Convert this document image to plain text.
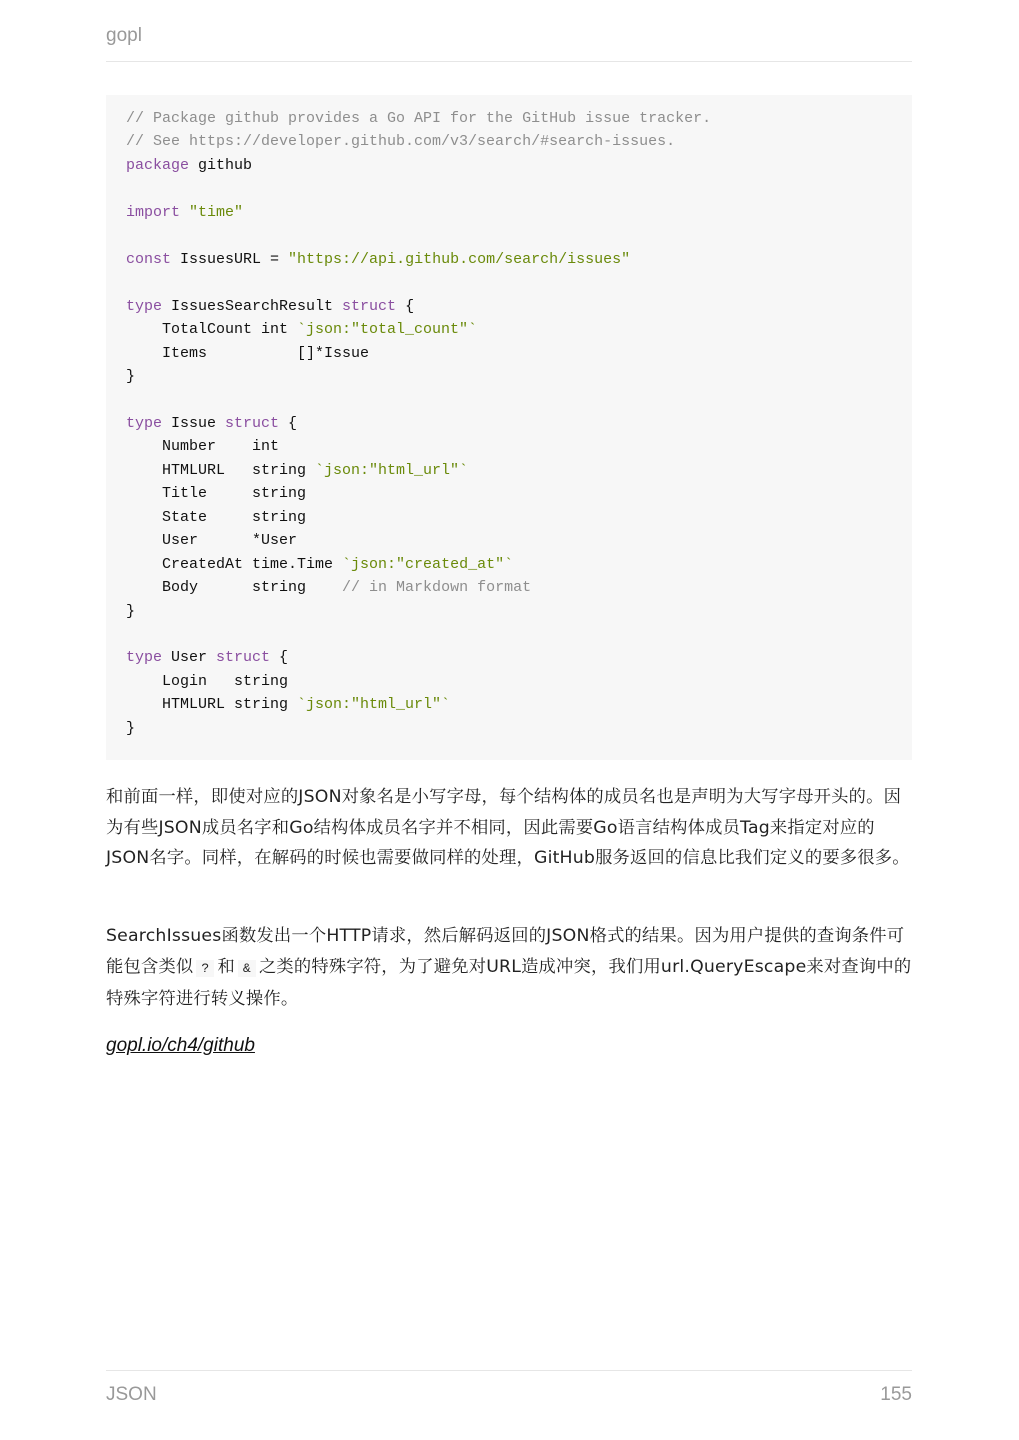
gopl
// Package github provides a Go API for the GitHub issue tracker.
// See https://developer.github.com/v3/search/#search-issues.
package github

import "time"

const IssuesURL = "https://api.github.com/search/issues"

type IssuesSearchResult struct {
TotalCount int `json:"total_count"`
Items          []*Issue
}

type Issue struct {
Number    int
HTMLURL   string `json:"html_url"`
Title     string
State     string
User      *User
CreatedAt time.Time `json:"created_at"`
Body      string    // in Markdown format
}

type User struct {
Login   string
HTMLURL string `json:"html_url"`
}

和前面一样，即使对应的JSON对象名是小写字母，每个结构体的成员名也是声明为大写字母开头的。因为有些JSON成员名字和Go结构体成员名字并不相同，因此需要Go语言结构体成员Tag来指定对应的JSON名字。同样，在解码的时候也需要做同样的处理，GitHub服务返回的信息比我们定义的要多很多。

SearchIssues函数发出一个HTTP请求，然后解码返回的JSON格式的结果。因为用户提供的查询条件可能包含类似 ? 和 & 之类的特殊字符，为了避免对URL造成冲突，我们用url.QueryEscape来对查询中的特殊字符进行转义操作。

gopl.io/ch4/github
JSON	155
